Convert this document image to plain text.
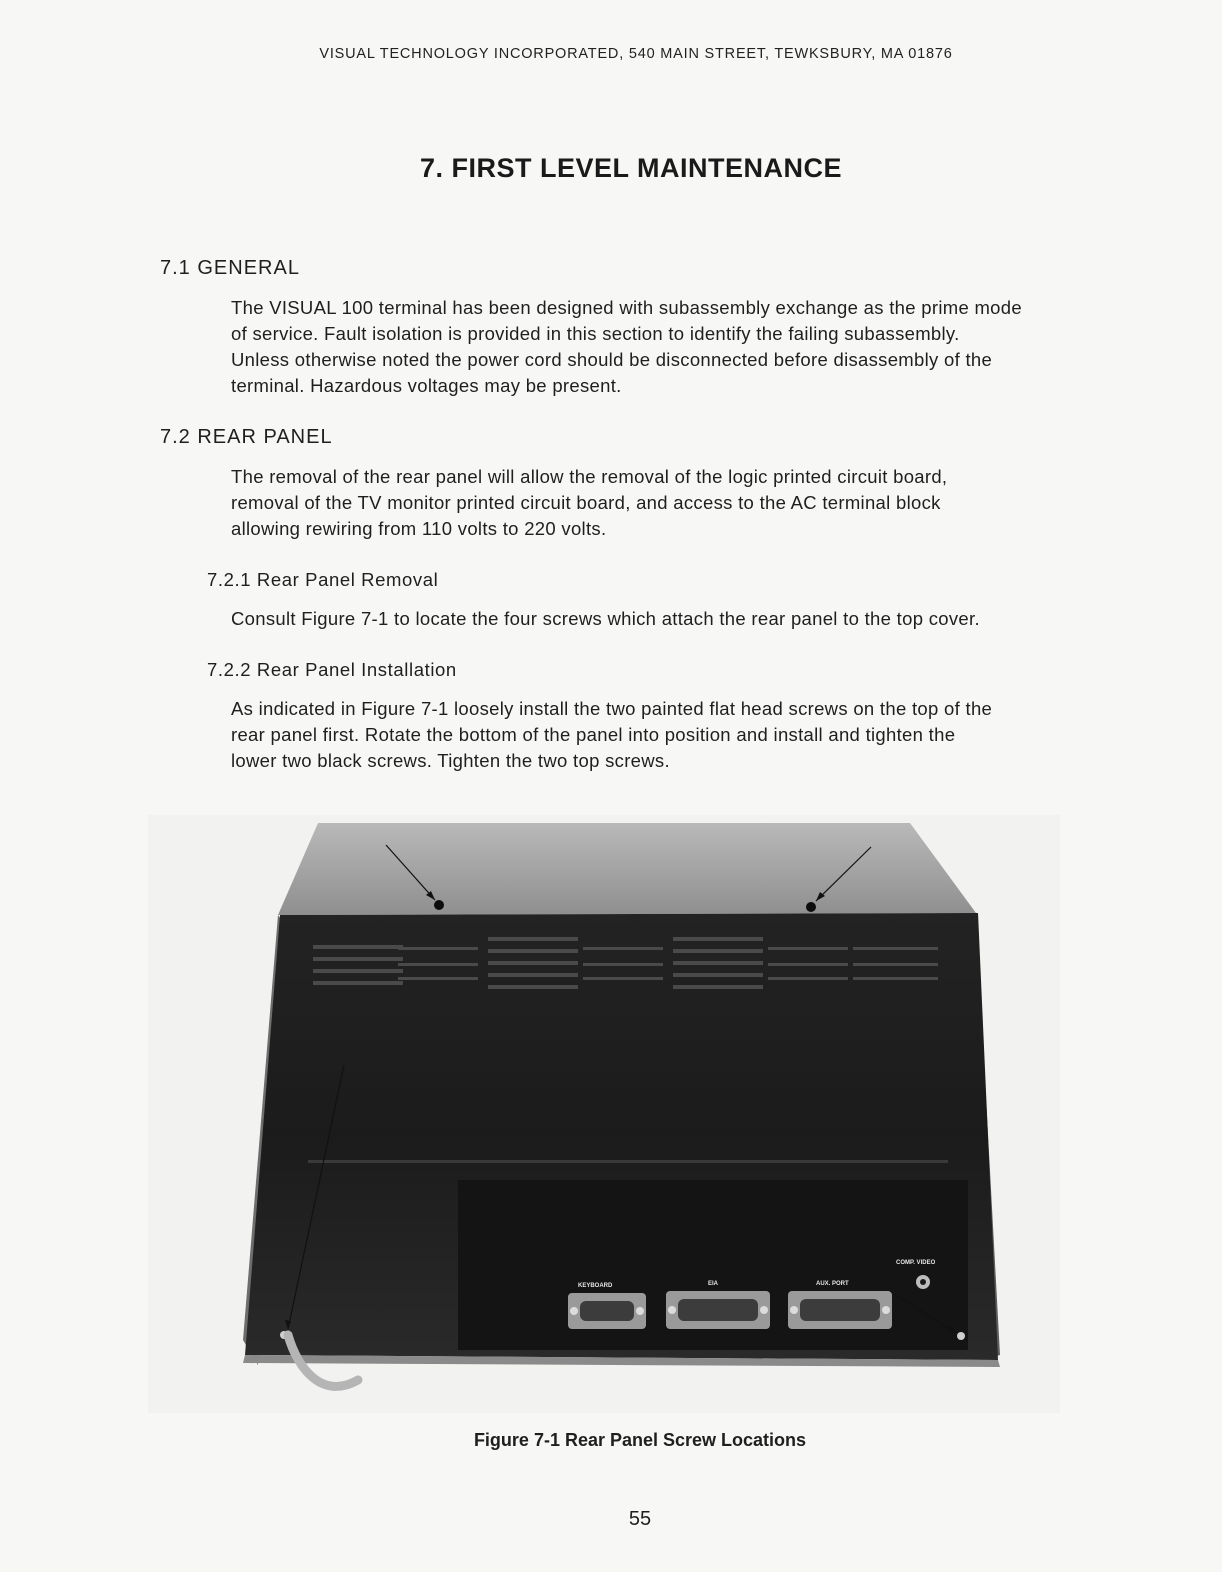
VISUAL TECHNOLOGY INCORPORATED, 540 MAIN STREET, TEWKSBURY, MA 01876
7. FIRST LEVEL MAINTENANCE
7.1 GENERAL
The VISUAL 100 terminal has been designed with subassembly exchange as the prime mode
of service. Fault isolation is provided in this section to identify the failing subassembly.
Unless otherwise noted the power cord should be disconnected before disassembly of the
terminal. Hazardous voltages may be present.
7.2 REAR PANEL
The removal of the rear panel will allow the removal of the logic printed circuit board,
removal of the TV monitor printed circuit board, and access to the AC terminal block
allowing rewiring from 110 volts to 220 volts.
7.2.1 Rear Panel Removal
Consult Figure 7-1 to locate the four screws which attach the rear panel to the top cover.
7.2.2 Rear Panel Installation
As indicated in Figure 7-1 loosely install the two painted flat head screws on the top of the
rear panel first. Rotate the bottom of the panel into position and install and tighten the
lower two black screws. Tighten the two top screws.
KEYBOARD	EIA	AUX. PORT
COMP. VIDEO
Figure 7-1 Rear Panel Screw Locations
55
